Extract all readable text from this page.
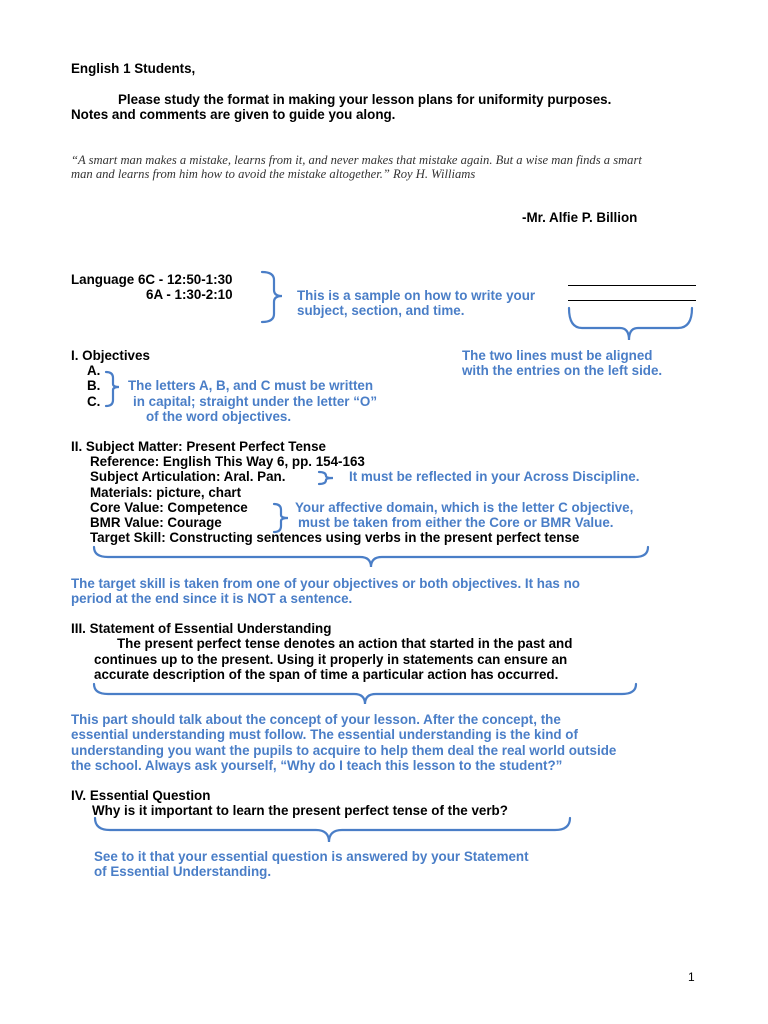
English 1 Students,
Please study the format in making your lesson plans for uniformity purposes.
Notes and comments are given to guide you along.
“A smart man makes a mistake, learns from it, and never makes that mistake again. But a wise man finds a smart
man and learns from him how to avoid the mistake altogether.” Roy H. Williams
-Mr. Alfie P. Billion
Language 6C - 12:50-1:30
6A - 1:30-2:10	This is a sample on how to write your
subject, section, and time.
The two lines must be aligned
with the entries on the left side.
I. Objectives
A.
B.
C.
The letters A, B, and C must be written
in capital; straight under the letter “O”
of the word objectives.
II. Subject Matter: Present Perfect Tense
Reference: English This Way 6, pp. 154-163
Subject Articulation: Aral. Pan.	It must be reflected in your Across Discipline.
Materials: picture, chart
Core Value: Competence	Your affective domain, which is the letter C objective,
BMR Value: Courage	must be taken from either the Core or BMR Value.
Target Skill: Constructing sentences using verbs in the present perfect tense
The target skill is taken from one of your objectives or both objectives. It has no
period at the end since it is NOT a sentence.
III. Statement of Essential Understanding
The present perfect tense denotes an action that started in the past and
continues up to the present. Using it properly in statements can ensure an
accurate description of the span of time a particular action has occurred.
This part should talk about the concept of your lesson. After the concept, the
essential understanding must follow. The essential understanding is the kind of
understanding you want the pupils to acquire to help them deal the real world outside
the school. Always ask yourself, “Why do I teach this lesson to the student?”
IV. Essential Question
Why is it important to learn the present perfect tense of the verb?
See to it that your essential question is answered by your Statement
of Essential Understanding.
1
